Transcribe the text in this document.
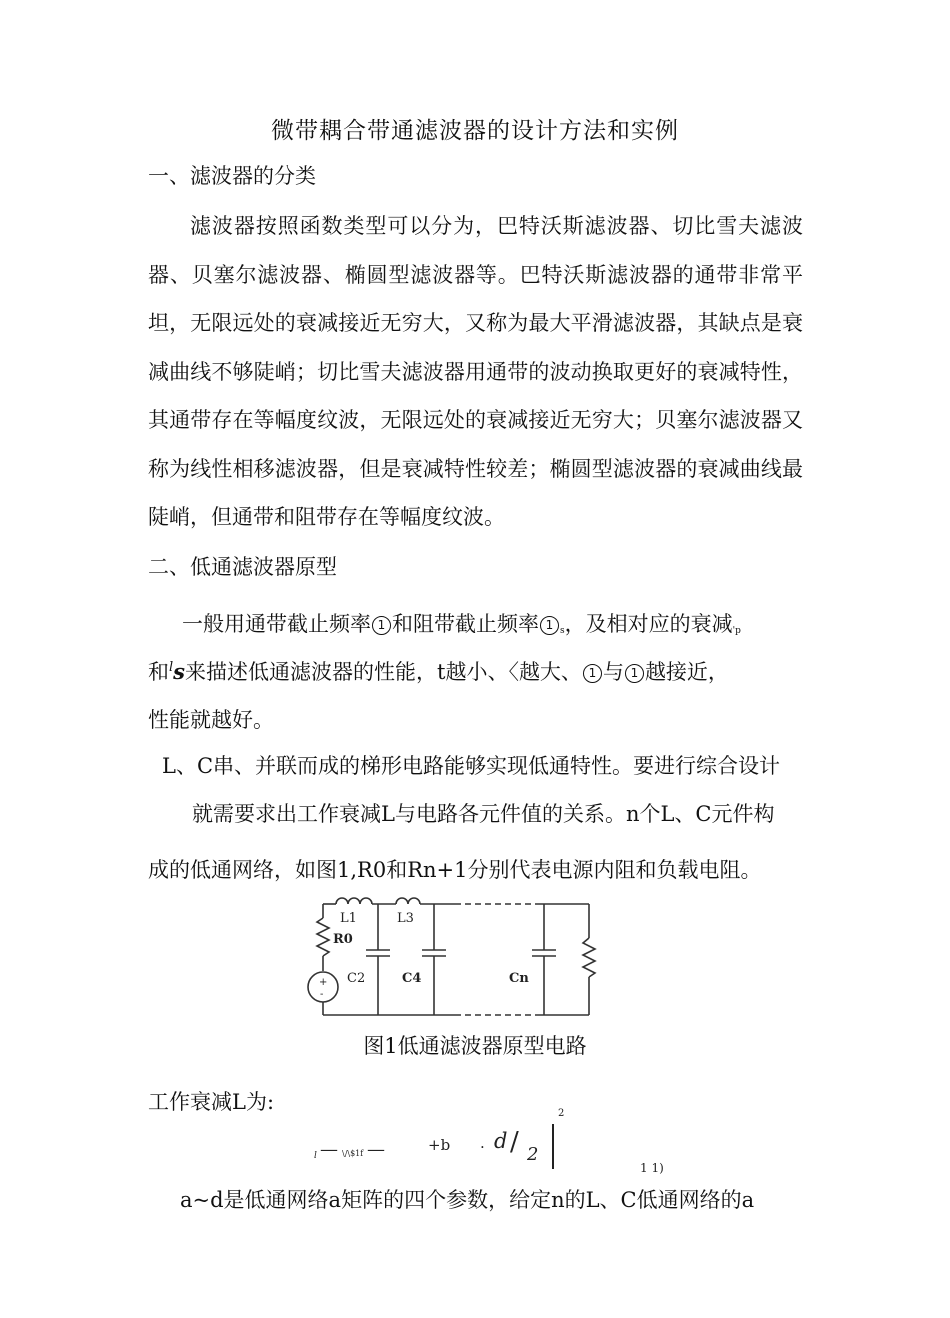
微带耦合带通滤波器的设计方法和实例
一、滤波器的分类
滤波器按照函数类型可以分为，巴特沃斯滤波器、切比雪夫滤波器、贝塞尔滤波器、椭圆型滤波器等。巴特沃斯滤波器的通带非常平坦，无限远处的衰减接近无穷大，又称为最大平滑滤波器，其缺点是衰减曲线不够陡峭；切比雪夫滤波器用通带的波动换取更好的衰减特性，其通带存在等幅度纹波，无限远处的衰减接近无穷大；贝塞尔滤波器又称为线性相移滤波器，但是衰减特性较差；椭圆型滤波器的衰减曲线最陡峭，但通带和阻带存在等幅度纹波。
二、低通滤波器原型
一般用通带截止频率 1 和阻带截止频率 1 $_s$，及相对应的衰减$_{'p}$
和$^l$s来描述低通滤波器的性能，t越小、〈越大、 1 与 1 越接近，
性能就越好。
L、C串、并联而成的梯形电路能够实现低通特性。要进行综合设计
就需要求出工作衰减L与电路各元件值的关系。n个L、C元件构
成的低通网络，如图1,R0和Rn+1分别代表电源内阻和负载电阻。
L1	L3
R0
C2	C4	Cn
+
-
图1低通滤波器原型电路
工作衰减L为:	2
l — \/\$1f —	+b . d / 2
1 1)
a~d是低通网络a矩阵的四个参数，给定n的L、C低通网络的a
